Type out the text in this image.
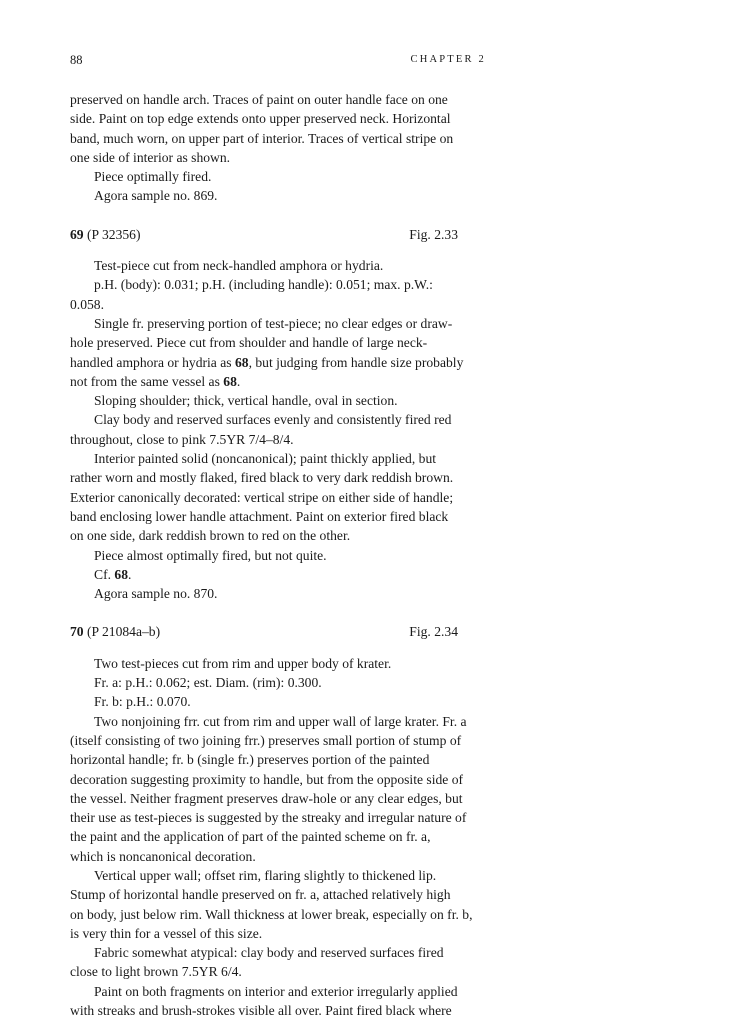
88	CHAPTER 2

preserved on handle arch. Traces of paint on outer handle face on one
side. Paint on top edge extends onto upper preserved neck. Horizontal
band, much worn, on upper part of interior. Traces of vertical stripe on
one side of interior as shown.

Piece optimally fired.

Agora sample no. 869.

69 (P 32356)	Fig. 2.33

Test-piece cut from neck-handled amphora or hydria.

p.H. (body): 0.031; p.H. (including handle): 0.051; max. p.W.:
0.058.

Single fr. preserving portion of test-piece; no clear edges or draw-
hole preserved. Piece cut from shoulder and handle of large neck-
handled amphora or hydria as 68, but judging from handle size probably
not from the same vessel as 68.

Sloping shoulder; thick, vertical handle, oval in section.

Clay body and reserved surfaces evenly and consistently fired red
throughout, close to pink 7.5YR 7/4–8/4.

Interior painted solid (noncanonical); paint thickly applied, but
rather worn and mostly flaked, fired black to very dark reddish brown.
Exterior canonically decorated: vertical stripe on either side of handle;
band enclosing lower handle attachment. Paint on exterior fired black
on one side, dark reddish brown to red on the other.

Piece almost optimally fired, but not quite.

Cf. 68.

Agora sample no. 870.

70 (P 21084a–b)	Fig. 2.34

Two test-pieces cut from rim and upper body of krater.

Fr. a: p.H.: 0.062; est. Diam. (rim): 0.300.

Fr. b: p.H.: 0.070.

Two nonjoining frr. cut from rim and upper wall of large krater. Fr. a
(itself consisting of two joining frr.) preserves small portion of stump of
horizontal handle; fr. b (single fr.) preserves portion of the painted
decoration suggesting proximity to handle, but from the opposite side of
the vessel. Neither fragment preserves draw-hole or any clear edges, but
their use as test-pieces is suggested by the streaky and irregular nature of
the paint and the application of part of the painted scheme on fr. a,
which is noncanonical decoration.

Vertical upper wall; offset rim, flaring slightly to thickened lip.
Stump of horizontal handle preserved on fr. a, attached relatively high
on body, just below rim. Wall thickness at lower break, especially on fr. b,
is very thin for a vessel of this size.

Fabric somewhat atypical: clay body and reserved surfaces fired
close to light brown 7.5YR 6/4.

Paint on both fragments on interior and exterior irregularly applied
with streaks and brush-strokes visible all over. Paint fired black where
